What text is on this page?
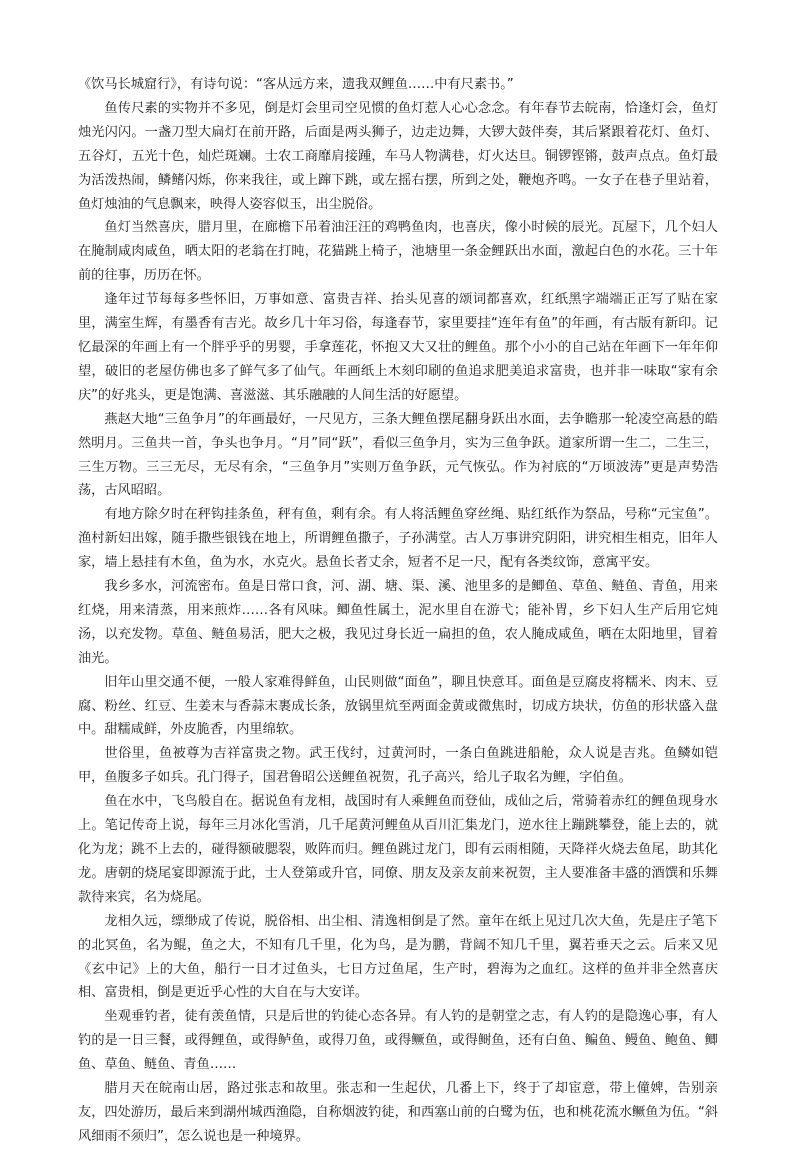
《饮马长城窟行》，有诗句说：“客从远方来，遗我双鲤鱼……中有尺素书。”

鱼传尺素的实物并不多见，倒是灯会里司空见惯的鱼灯惹人心心念念。有年春节去皖南，恰逢灯会，鱼灯烛光闪闪。一盏刀型大扁灯在前开路，后面是两头狮子，边走边舞，大锣大鼓伴奏，其后紧跟着花灯、鱼灯、五谷灯，五光十色，灿烂斑斓。士农工商靡肩接踵，车马人物满巷，灯火达旦。铜锣铿锵，鼓声点点。鱼灯最为活泼热闹，鳞鳍闪烁，你来我往，或上蹿下跳，或左摇右摆，所到之处，鞭炮齐鸣。一女子在巷子里站着，鱼灯烛油的气息飘来，映得人姿容似玉，出尘脱俗。

鱼灯当然喜庆，腊月里，在廊檐下吊着油汪汪的鸡鸭鱼肉，也喜庆，像小时候的辰光。瓦屋下，几个妇人在腌制咸肉咸鱼，晒太阳的老翁在打盹，花猫跳上椅子，池塘里一条金鲤跃出水面，激起白色的水花。三十年前的往事，历历在怀。

逢年过节每每多些怀旧，万事如意、富贵吉祥、抬头见喜的颂词都喜欢，红纸黑字端端正正写了贴在家里，满室生辉，有墨香有吉光。故乡几十年习俗，每逢春节，家里要挂“连年有鱼”的年画，有古版有新印。记忆最深的年画上有一个胖乎乎的男婴，手拿莲花，怀抱又大又壮的鲤鱼。那个小小的自己站在年画下一年年仰望，破旧的老屋仿佛也多了鲜气多了仙气。年画纸上木刻印刷的鱼追求肥美追求富贵，也并非一味取“家有余庆”的好兆头，更是饱满、喜滋滋、其乐融融的人间生活的好愿望。

燕赵大地“三鱼争月”的年画最好，一尺见方，三条大鲤鱼摆尾翻身跃出水面，去争瞻那一轮凌空高悬的皓然明月。三鱼共一首，争头也争月。“月”同“跃”，看似三鱼争月，实为三鱼争跃。道家所谓一生二，二生三，三生万物。三三无尽，无尽有余，“三鱼争月”实则万鱼争跃，元气恢弘。作为衬底的“万顷波涛”更是声势浩荡，古风昭昭。

有地方除夕时在秤钩挂条鱼，秤有鱼，剩有余。有人将活鲤鱼穿丝绳、贴红纸作为祭品，号称“元宝鱼”。渔村新妇出嫁，随手撒些银钱在地上，所谓鲤鱼撒子，子孙满堂。古人万事讲究阴阳，讲究相生相克，旧年人家，墙上悬挂有木鱼，鱼为水，水克火。悬鱼长者丈余，短者不足一尺，配有各类纹饰，意寓平安。

我乡多水，河流密布。鱼是日常口食，河、湖、塘、渠、溪、池里多的是鲫鱼、草鱼、鲢鱼、青鱼，用来红烧，用来清蒸，用来煎炸……各有风味。鲫鱼性属土，泥水里自在游弋；能补胃，乡下妇人生产后用它炖汤，以充发物。草鱼、鲢鱼易活，肥大之极，我见过身长近一扁担的鱼，农人腌成咸鱼，晒在太阳地里，冒着油光。

旧年山里交通不便，一般人家难得鲜鱼，山民则做“面鱼”，聊且快意耳。面鱼是豆腐皮将糯米、肉末、豆腐、粉丝、红豆、生姜末与香蒜末裹成长条，放锅里炕至两面金黄或微焦时，切成方块状，仿鱼的形状盛入盘中。甜糯咸鲜，外皮脆香，内里绵软。

世俗里，鱼被尊为吉祥富贵之物。武王伐纣，过黄河时，一条白鱼跳进船舱，众人说是吉兆。鱼鳞如铠甲，鱼腹多子如兵。孔门得子，国君鲁昭公送鲤鱼祝贺，孔子高兴，给儿子取名为鲤，字伯鱼。

鱼在水中，飞鸟般自在。据说鱼有龙相，战国时有人乘鲤鱼而登仙，成仙之后，常骑着赤红的鲤鱼现身水上。笔记传奇上说，每年三月冰化雪消，几千尾黄河鲤鱼从百川汇集龙门，逆水往上蹦跳攀登，能上去的，就化为龙；跳不上去的，碰得额破腮裂，败阵而归。鲤鱼跳过龙门，即有云雨相随，天降祥火烧去鱼尾，助其化龙。唐朝的烧尾宴即源流于此，士人登第或升官，同僚、朋友及亲友前来祝贺，主人要准备丰盛的酒馔和乐舞款待来宾，名为烧尾。

龙相久远，缥缈成了传说，脱俗相、出尘相、清逸相倒是了然。童年在纸上见过几次大鱼，先是庄子笔下的北冥鱼，名为鲲，鱼之大，不知有几千里，化为鸟，是为鹏，背阔不知几千里，翼若垂天之云。后来又见《玄中记》上的大鱼，船行一日才过鱼头，七日方过鱼尾，生产时，碧海为之血红。这样的鱼并非全然喜庆相、富贵相，倒是更近乎心性的大自在与大安详。

坐观垂钓者，徒有羡鱼情，只是后世的钓徒心态各异。有人钓的是朝堂之志，有人钓的是隐逸心事，有人钓的是一日三餐，或得鲤鱼，或得鲈鱼，或得刀鱼，或得鳜鱼，或得鲥鱼，还有白鱼、鳊鱼、鳗鱼、鲍鱼、鲫鱼、草鱼、鲢鱼、青鱼……

腊月天在皖南山居，路过张志和故里。张志和一生起伏，几番上下，终于了却宦意，带上僮婢，告别亲友，四处游历，最后来到湖州城西渔隐，自称烟波钓徒，和西塞山前的白鹭为伍，也和桃花流水鳜鱼为伍。“斜风细雨不须归”，怎么说也是一种境界。
